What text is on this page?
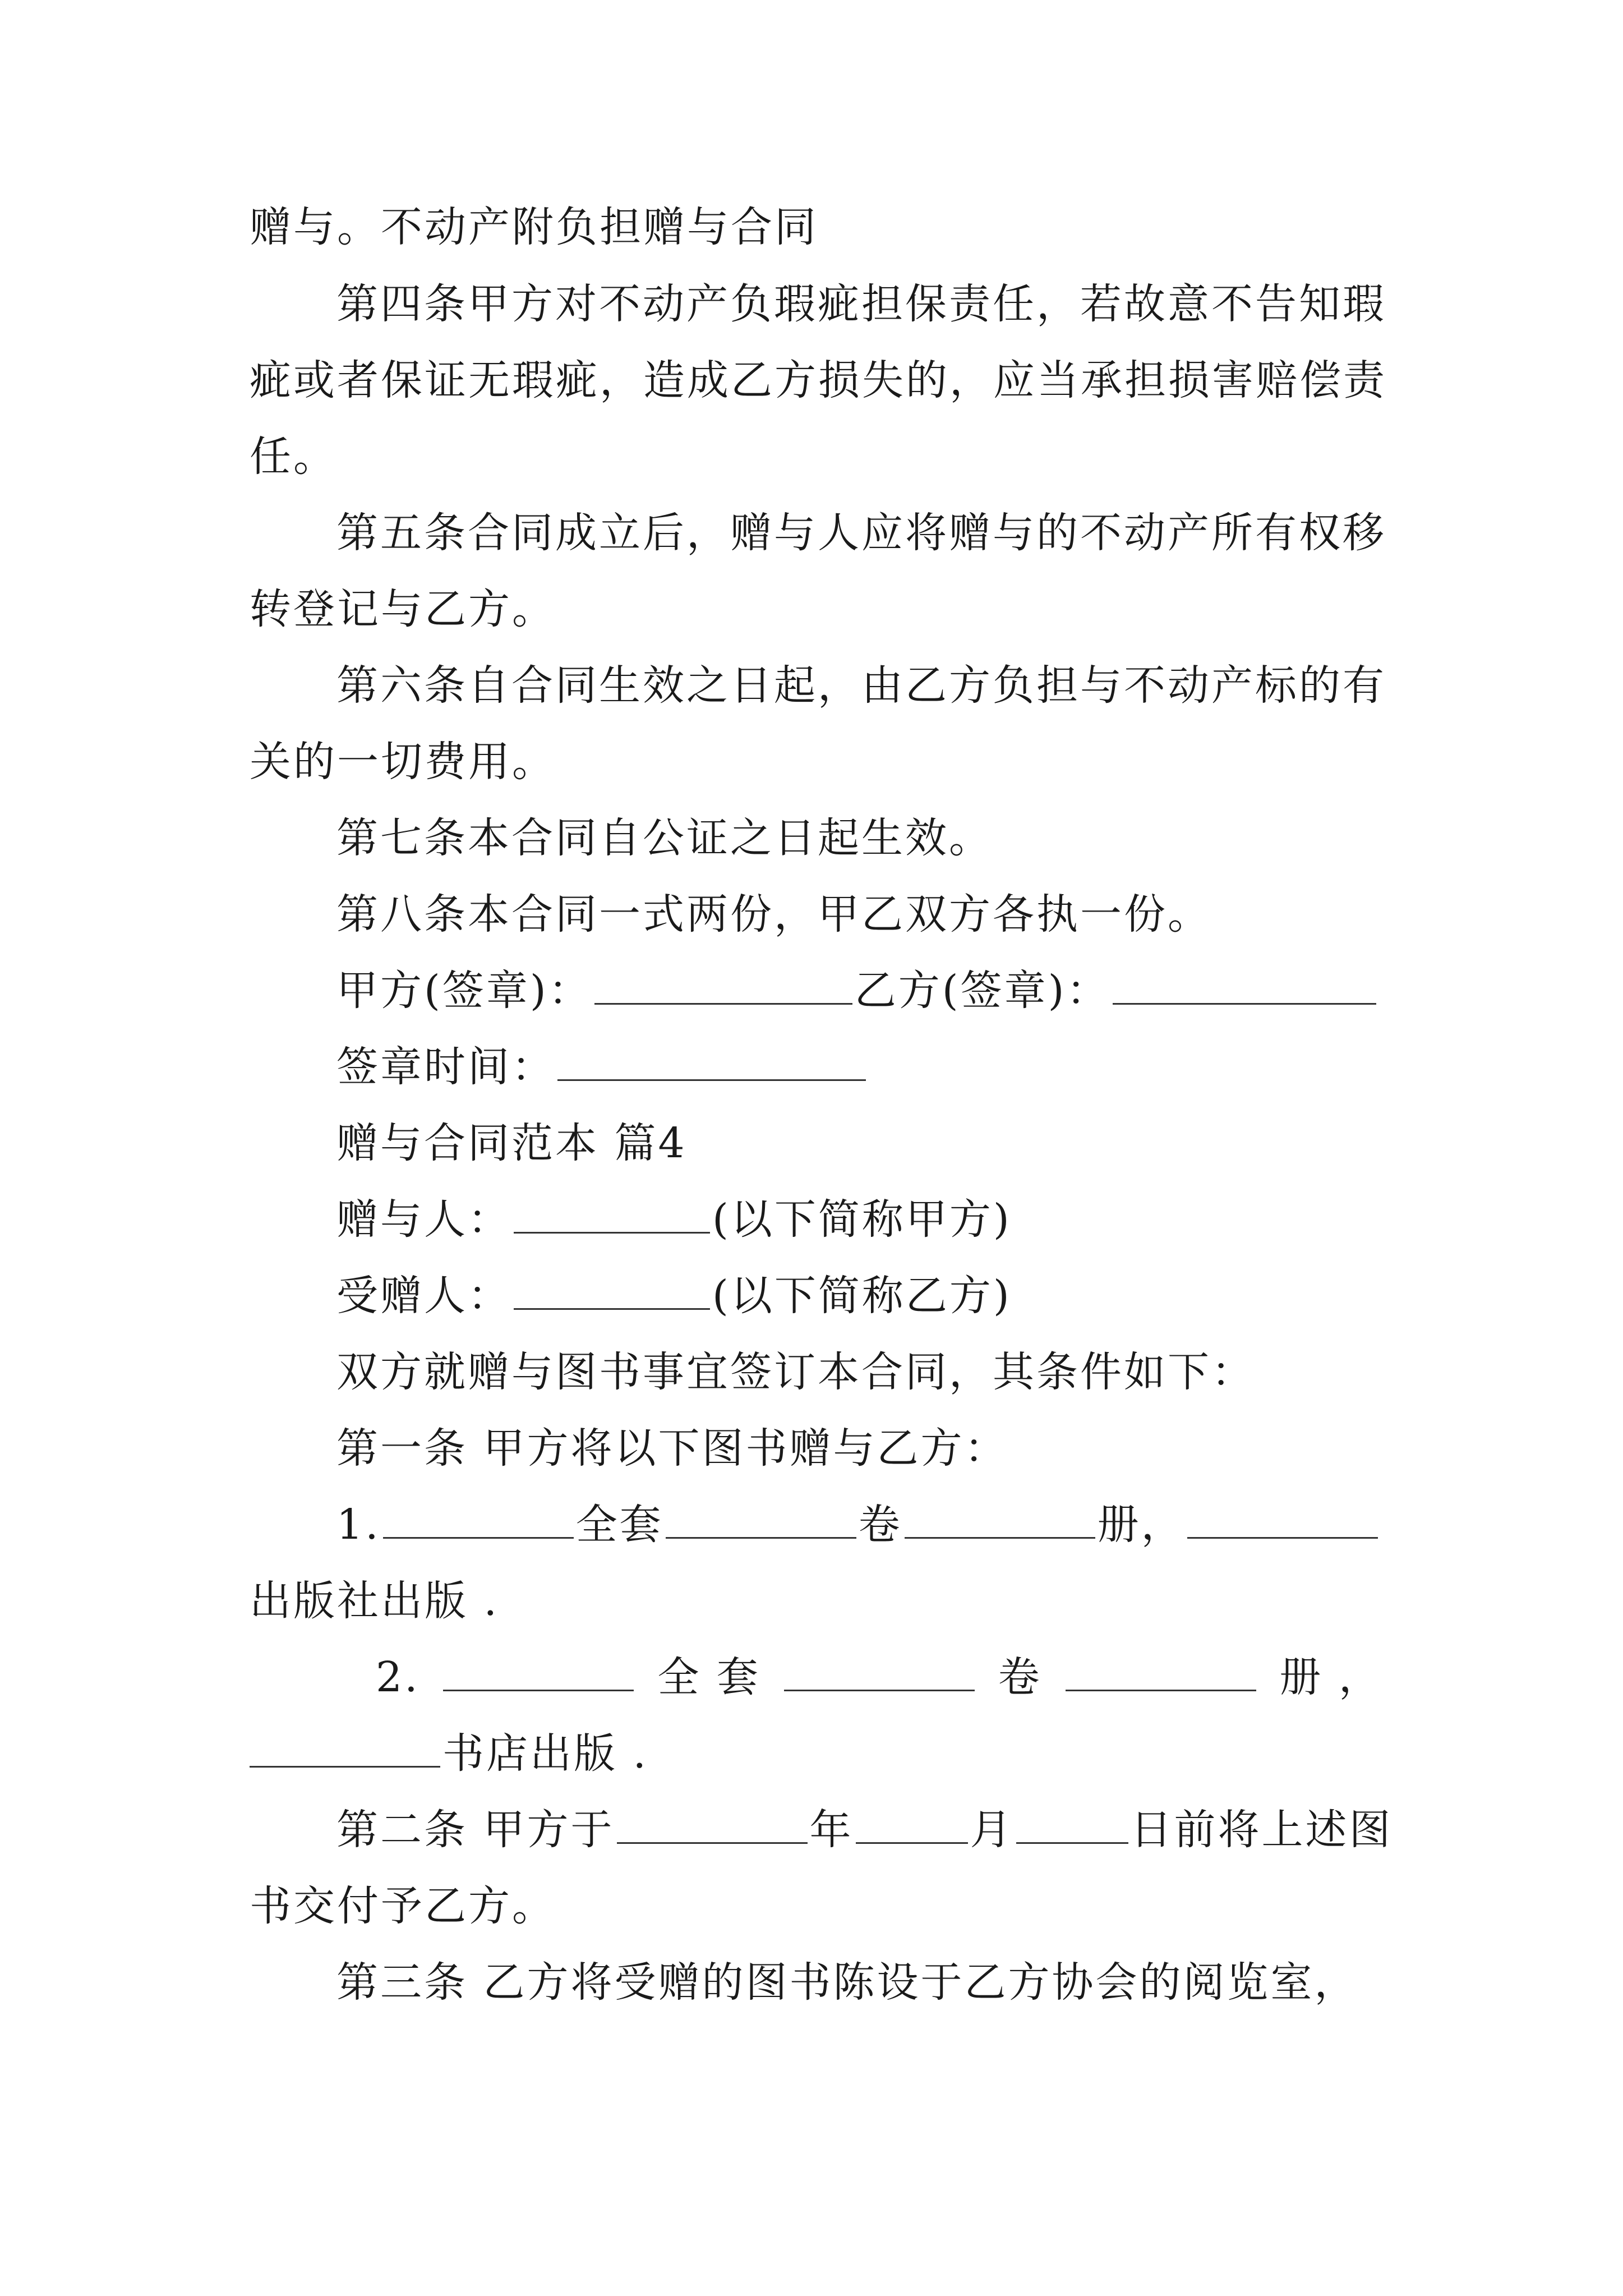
赠与。不动产附负担赠与合同
第四条甲方对不动产负瑕疵担保责任，若故意不告知瑕
疵或者保证无瑕疵，造成乙方损失的，应当承担损害赔偿责
任。
第五条合同成立后，赠与人应将赠与的不动产所有权移
转登记与乙方。
第六条自合同生效之日起，由乙方负担与不动产标的有
关的一切费用。
第七条本合同自公证之日起生效。
第八条本合同一式两份，甲乙双方各执一份。
甲方(签章)：	乙方(签章)：
签章时间：
赠与合同范本 篇4
赠与人：	(以下简称甲方)
受赠人：	(以下简称乙方)
双方就赠与图书事宜签订本合同，其条件如下：
第一条 甲方将以下图书赠与乙方：
1.	全套	卷	册，
出版社出版 .
2.	全 套	卷	册 ，
书店出版 .
第二条 甲方于	年	月	日前将上述图
书交付予乙方。
第三条 乙方将受赠的图书陈设于乙方协会的阅览室，
